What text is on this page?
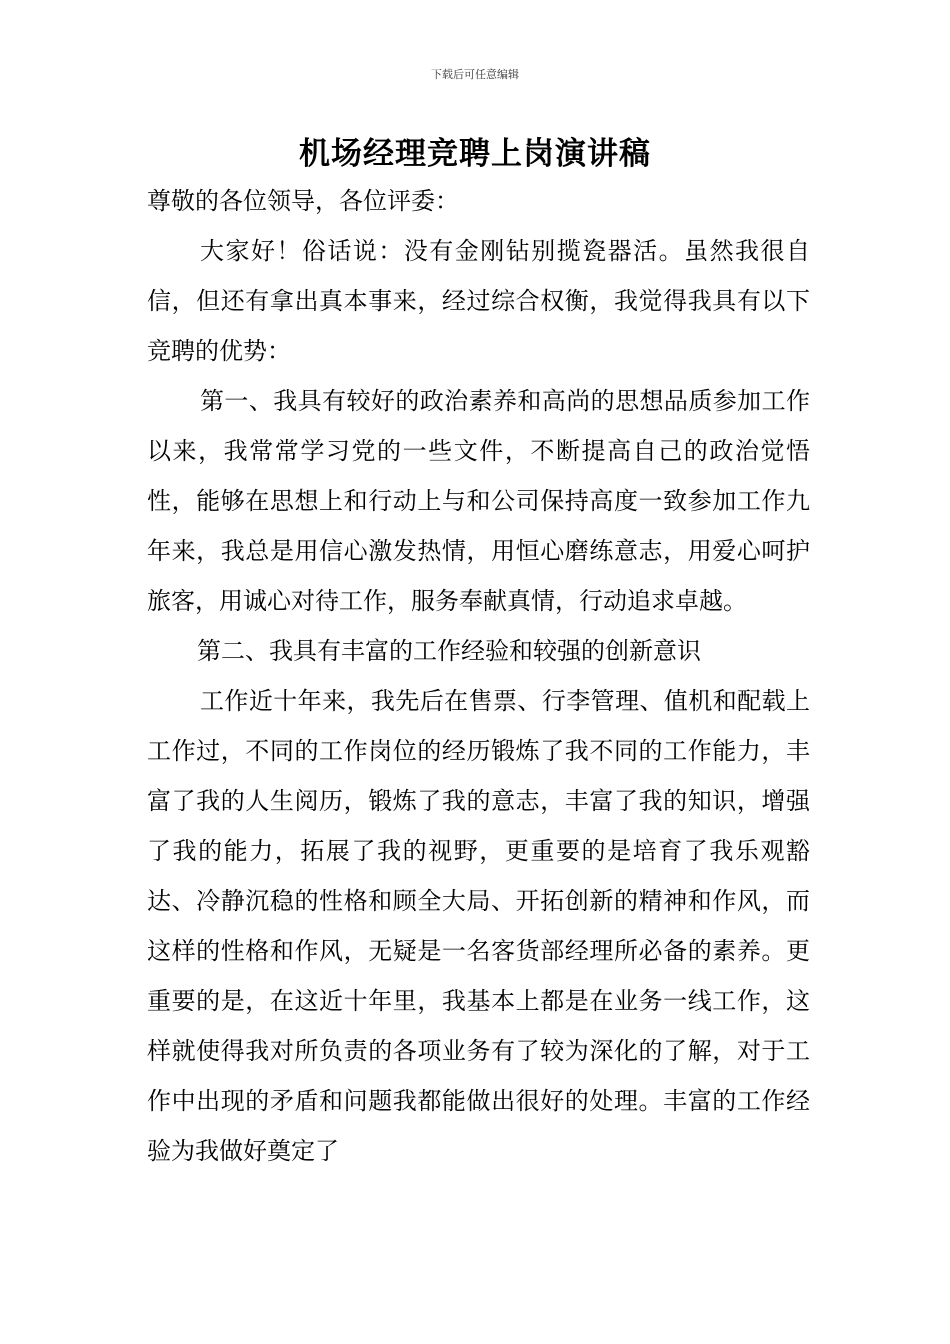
下载后可任意编辑
机场经理竞聘上岗演讲稿

尊敬的各位领导，各位评委：

大家好！俗话说：没有金刚钻别揽瓷器活。虽然我很自信，但还有拿出真本事来，经过综合权衡，我觉得我具有以下竞聘的优势：

第一、我具有较好的政治素养和高尚的思想品质参加工作以来，我常常学习党的一些文件，不断提高自己的政治觉悟性，能够在思想上和行动上与和公司保持高度一致参加工作九年来，我总是用信心激发热情，用恒心磨练意志，用爱心呵护旅客，用诚心对待工作，服务奉献真情，行动追求卓越。

第二、我具有丰富的工作经验和较强的创新意识

工作近十年来，我先后在售票、行李管理、值机和配载上工作过，不同的工作岗位的经历锻炼了我不同的工作能力，丰富了我的人生阅历，锻炼了我的意志，丰富了我的知识，增强了我的能力，拓展了我的视野，更重要的是培育了我乐观豁达、冷静沉稳的性格和顾全大局、开拓创新的精神和作风，而这样的性格和作风，无疑是一名客货部经理所必备的素养。更重要的是，在这近十年里，我基本上都是在业务一线工作，这样就使得我对所负责的各项业务有了较为深化的了解，对于工作中出现的矛盾和问题我都能做出很好的处理。丰富的工作经验为我做好奠定了
